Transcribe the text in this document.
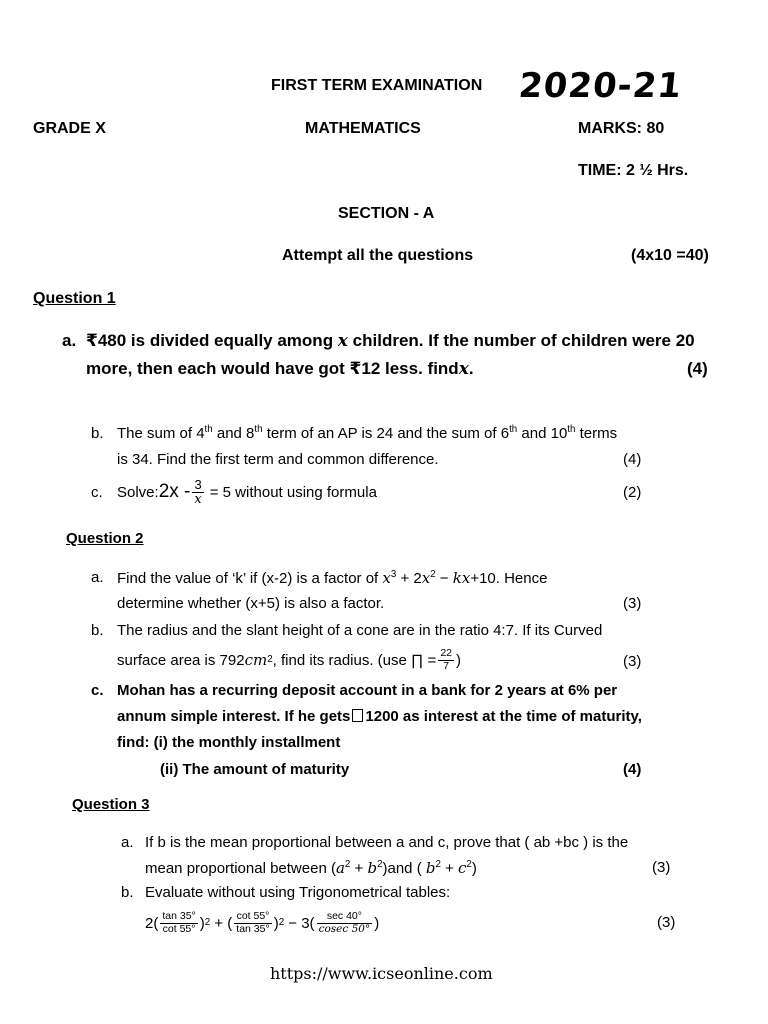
FIRST TERM EXAMINATION 2020-21
GRADE X	MATHEMATICS	MARKS: 80
TIME: 2 ½ Hrs.
SECTION - A
Attempt all the questions	(4x10 =40)
Question 1
a. ₹480 is divided equally among x children. If the number of children were 20
more, then each would have got ₹12 less. findx.	(4)
b. The sum of 4th and 8th term of an AP is 24 and the sum of 6th and 10th terms
is 34. Find the first term and common difference.	(4)
c. Solve: $2x - \frac{3}{x} = 5$ without using formula	(2)
Question 2
a. Find the value of ‘k’ if (x-2) is a factor of $x^3 + 2x^2 - kx+10$. Hence
determine whether (x+5) is also a factor.	(3)
b. The radius and the slant height of a cone are in the ratio 4:7. If its Curved
surface area is 792 cm 2 , find its radius. (use ∏ = $\frac{22}{7}$ )	(3)
c. Mohan has a recurring deposit account in a bank for 2 years at 6% per
annum simple interest. If he gets 1200 as interest at the time of maturity,
find: (i) the monthly installment
(ii) The amount of maturity	(4)
Question 3
a. If b is the mean proportional between a and c, prove that ( ab +bc ) is the
mean proportional between $(a^2 + b^2)and$ ( $b^2 + c^2$)	(3)
b. Evaluate without using Trigonometrical tables:
$2( \frac{\tan 35^\circ}{\cot 55^\circ}$ ) 2 + ( $\frac{\cot 55^\circ}{\tan 35^\circ}$ ) $2 - 3( \frac{\sec 40^\circ}{cosec 50^\circ}$ )	(3)
https://www.icseonline.com
